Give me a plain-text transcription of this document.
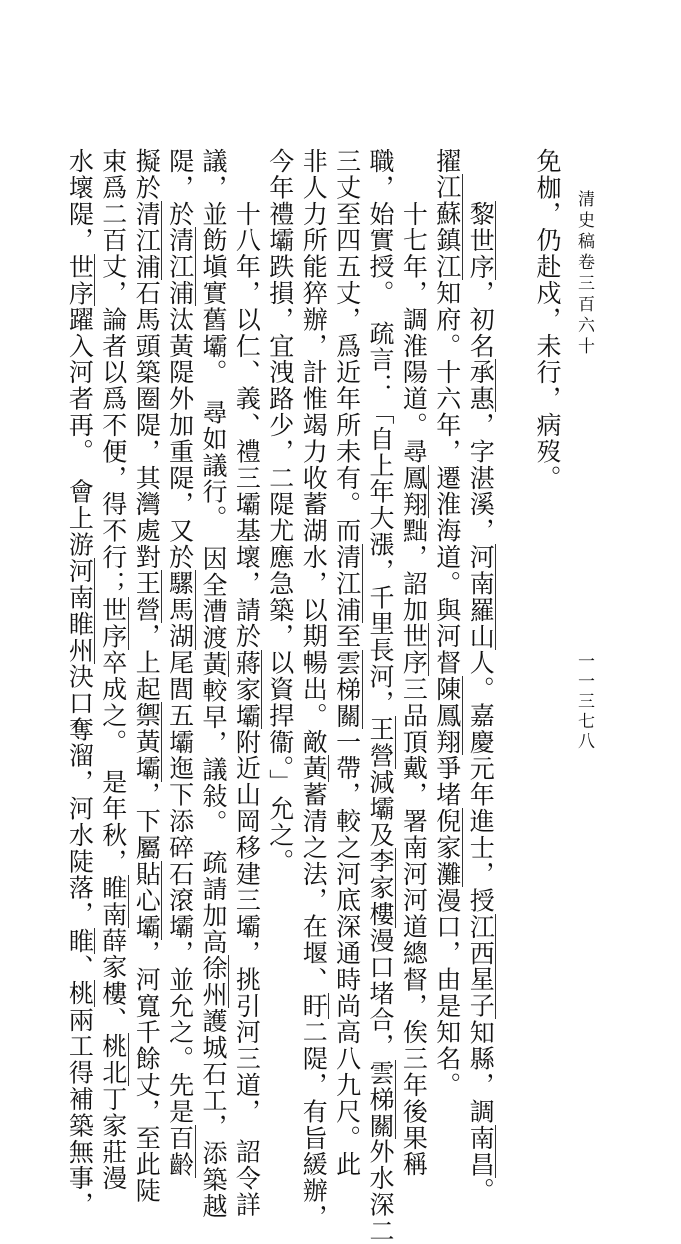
清史稿卷三百六十
一一三七八
免枷，仍赴戍，未行，病歿。
　　黎世序，初名承惠，字湛溪，河南羅山人。嘉慶元年進士，授江西星子知縣，調南昌。
擢江蘇鎮江知府。十六年，遷淮海道。與河督陳鳳翔爭堵倪家灘漫口，由是知名。
　　十七年，調淮陽道。尋鳳翔黜，詔加世序三品頂戴，署南河河道總督，俟三年後果稱
職，始實授。　疏言：「自上年大漲，千里長河，王營減壩及李家樓漫口堵合，雲梯關外水深二
三丈至四五丈，爲近年所未有。而清江浦至雲梯關一帶，較之河底深通時尚高八九尺。此
非人力所能猝辦，計惟竭力收蓄湖水，以期暢出。敵黃蓄清之法，在堰、盱二隄，有旨緩辦，
今年禮壩跌損，宜洩路少，二隄尤應急築，以資捍衞。」允之。
　　十八年，以仁、義、禮三壩基壞，請於蔣家壩附近山岡移建三壩，挑引河三道，　詔令詳
議，並飭塡實舊壩。　尋如議行。　因全漕渡黃較早，議敍。　疏請加高徐州護城石工，添築越
隄，於清江浦汰黃隄外加重隄，又於騾馬湖尾閭五壩迤下添碎石滾壩，並允之。先是百齡
擬於清江浦石馬頭築圈隄，其灣處對王營，上起禦黃壩，下屬貼心壩，河寬千餘丈，至此陡
束爲二百丈，論者以爲不便，得不行；世序卒成之。　是年秋，睢南薛家樓、桃北丁家莊漫
水壞隄，世序躍入河者再。　會上游河南睢州決口奪溜，河水陡落，睢、桃兩工得補築無事，
